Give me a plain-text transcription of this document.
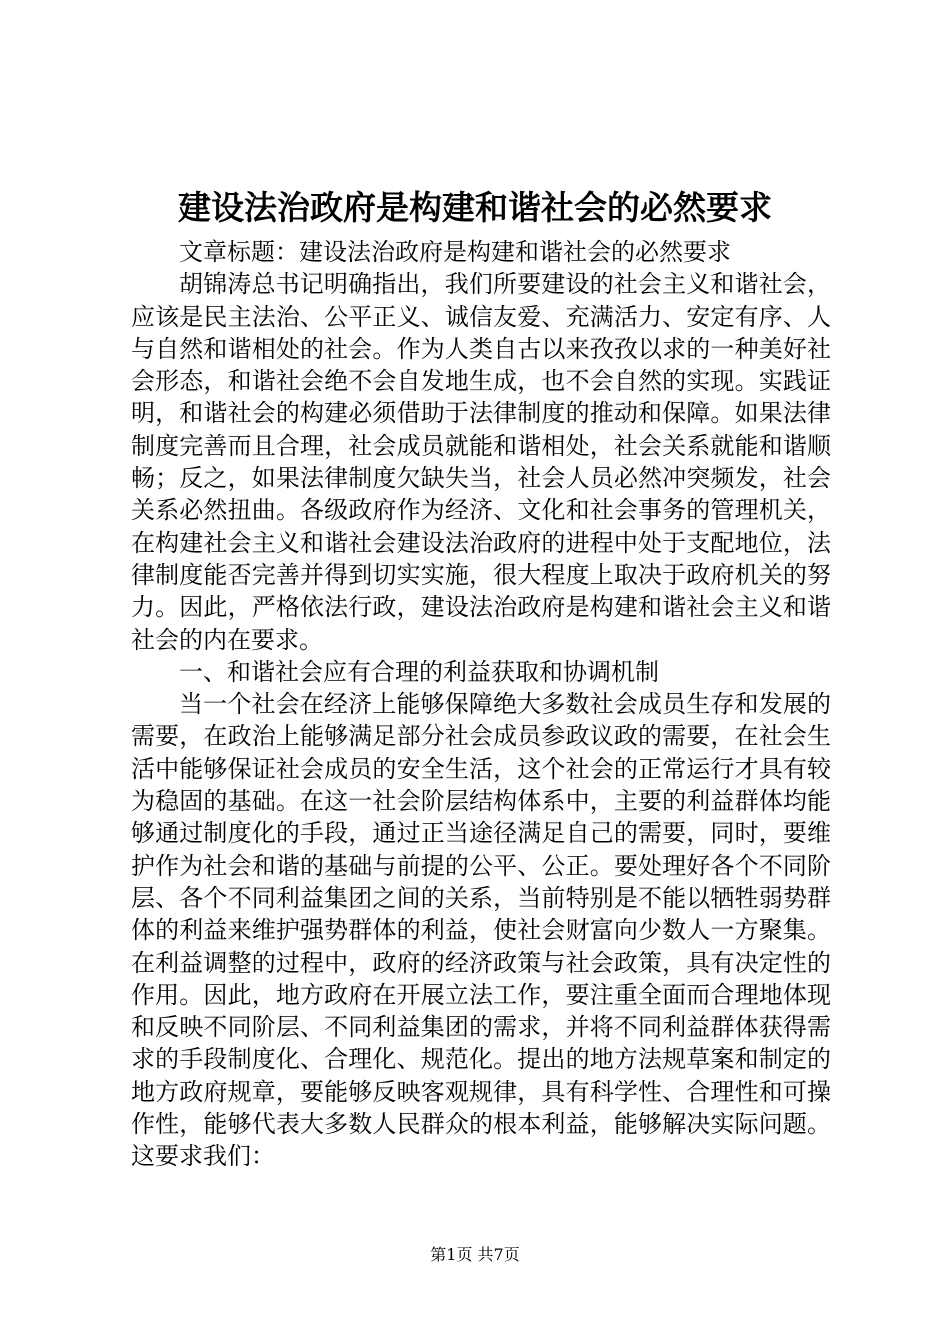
建设法治政府是构建和谐社会的必然要求

文章标题：建设法治政府是构建和谐社会的必然要求

胡锦涛总书记明确指出，我们所要建设的社会主义和谐社会，应该是民主法治、公平正义、诚信友爱、充满活力、安定有序、人与自然和谐相处的社会。作为人类自古以来孜孜以求的一种美好社会形态，和谐社会绝不会自发地生成，也不会自然的实现。实践证明，和谐社会的构建必须借助于法律制度的推动和保障。如果法律制度完善而且合理，社会成员就能和谐相处，社会关系就能和谐顺畅；反之，如果法律制度欠缺失当，社会人员必然冲突频发，社会关系必然扭曲。各级政府作为经济、文化和社会事务的管理机关，在构建社会主义和谐社会建设法治政府的进程中处于支配地位，法律制度能否完善并得到切实实施，很大程度上取决于政府机关的努力。因此，严格依法行政，建设法治政府是构建和谐社会主义和谐社会的内在要求。

一、和谐社会应有合理的利益获取和协调机制

当一个社会在经济上能够保障绝大多数社会成员生存和发展的需要，在政治上能够满足部分社会成员参政议政的需要，在社会生活中能够保证社会成员的安全生活，这个社会的正常运行才具有较为稳固的基础。在这一社会阶层结构体系中，主要的利益群体均能够通过制度化的手段，通过正当途径满足自己的需要，同时，要维护作为社会和谐的基础与前提的公平、公正。要处理好各个不同阶层、各个不同利益集团之间的关系，当前特别是不能以牺牲弱势群体的利益来维护强势群体的利益，使社会财富向少数人一方聚集。在利益调整的过程中，政府的经济政策与社会政策，具有决定性的作用。因此，地方政府在开展立法工作，要注重全面而合理地体现和反映不同阶层、不同利益集团的需求，并将不同利益群体获得需求的手段制度化、合理化、规范化。提出的地方法规草案和制定的地方政府规章，要能够反映客观规律，具有科学性、合理性和可操作性，能够代表大多数人民群众的根本利益，能够解决实际问题。这要求我们：

第1页 共7页
